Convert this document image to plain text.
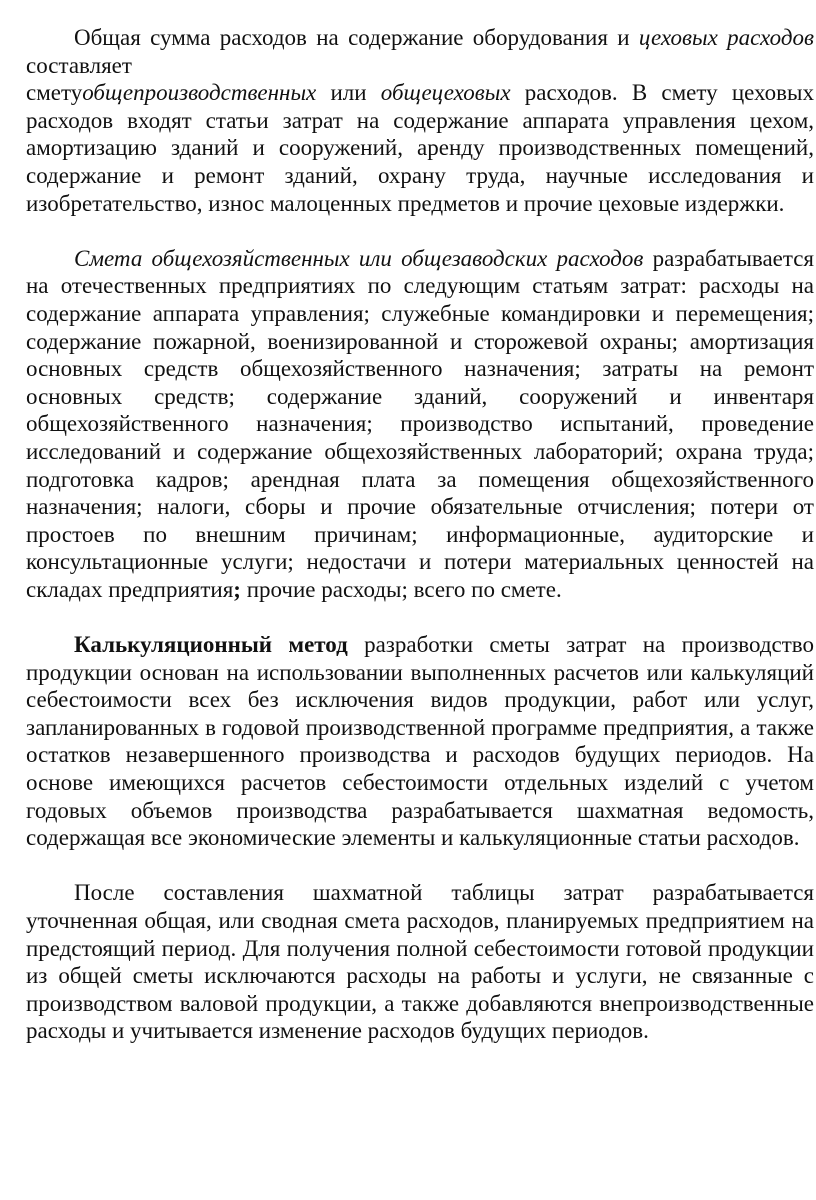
Общая сумма расходов на содержание оборудования и цеховых расходов составляет
сметуобщепроизводственных или общецеховых расходов. В смету цеховых расходов входят статьи затрат на содержание аппарата управления цехом, амортизацию зданий и сооружений, аренду производственных помещений, содержание и ремонт зданий, охрану труда, научные исследования и изобретательство, износ малоценных предметов и прочие цеховые издержки.

Смета общехозяйственных или общезаводских расходов разрабатывается на отечественных предприятиях по следующим статьям затрат: расходы на содержание аппарата управления; служебные командировки и перемещения; содержание пожарной, военизированной и сторожевой охраны; амортизация основных средств общехозяйственного назначения; затраты на ремонт основных средств; содержание зданий, сооружений и инвентаря общехозяйственного назначения; производство испытаний, проведение исследований и содержание общехозяйственных лабораторий; охрана труда; подготовка кадров; арендная плата за помещения общехозяйственного назначения; налоги, сборы и прочие обязательные отчисления; потери от простоев по внешним причинам; информационные, аудиторские и консультационные услуги; недостачи и потери материальных ценностей на складах предприятия; прочие расходы; всего по смете.

Калькуляционный метод разработки сметы затрат на производство продукции основан на использовании выполненных расчетов или калькуляций себестоимости всех без исключения видов продукции, работ или услуг, запланированных в годовой производственной программе предприятия, а также остатков незавершенного производства и расходов будущих периодов. На основе имеющихся расчетов себестоимости отдельных изделий с учетом годовых объемов производства разрабатывается шахматная ведомость, содержащая все экономические элементы и калькуляционные статьи расходов.

После составления шахматной таблицы затрат разрабатывается уточненная общая, или сводная смета расходов, планируемых предприятием на предстоящий период. Для получения полной себестоимости готовой продукции из общей сметы исключаются расходы на работы и услуги, не связанные с производством валовой продукции, а также добавляются внепроизводственные расходы и учитывается изменение расходов будущих периодов.
